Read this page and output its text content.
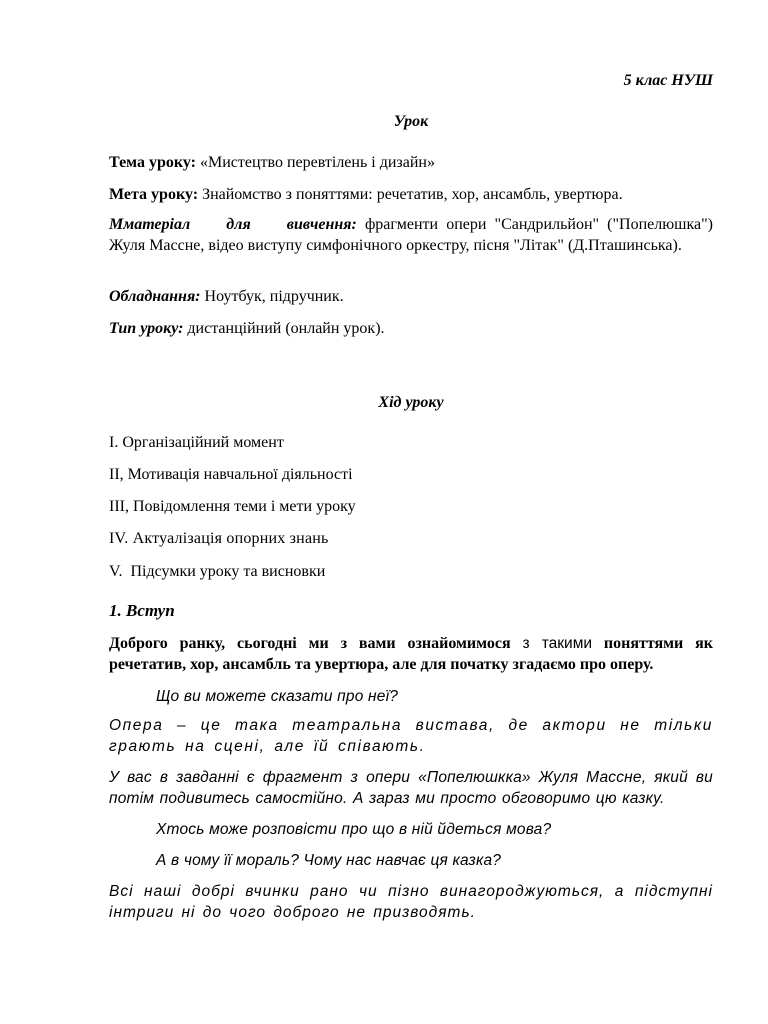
5 клас НУШ

Урок

Тема уроку: «Мистецтво перевтілень і дизайн»

Мета уроку: Знайомство з поняттями: речетатив, хор, ансамбль, увертюра.

Мматеріал для вивчення: фрагменти опери "Сандрильйон" ("Попелюшка") Жуля Массне, відео виступу симфонічного оркестру, пісня "Літак" (Д.Пташинська).

Обладнання: Ноутбук, підручник.

Тип уроку: дистанційний (онлайн урок).

Хід уроку

І. Організаційний момент

ІІ, Мотивація навчальної діяльності

ІІІ, Повідомлення теми і мети уроку

IV. Актуалізація опорних знань

V.  Підсумки уроку та висновки

1. Вступ

Доброго ранку, сьогодні ми з вами ознайомимося з такими поняттями як речетатив, хор, ансамбль та увертюра, але для початку згадаємо про оперу.

Що ви можете сказати про неї?

Опера – це така театральна вистава, де актори не тільки грають на сцені, але їй співають.

У вас в завданні є фрагмент з опери «Попелюшкка» Жуля Массне, який ви потім подивитесь самостійно. А зараз ми просто обговоримо цю казку.

Хтось може розповісти про що в ній йдеться мова?

А в чому її мораль? Чому нас навчає ця казка?

Всі наші добрі вчинки рано чи пізно винагороджуються, а підступні інтриги ні до чого доброго не призводять.
